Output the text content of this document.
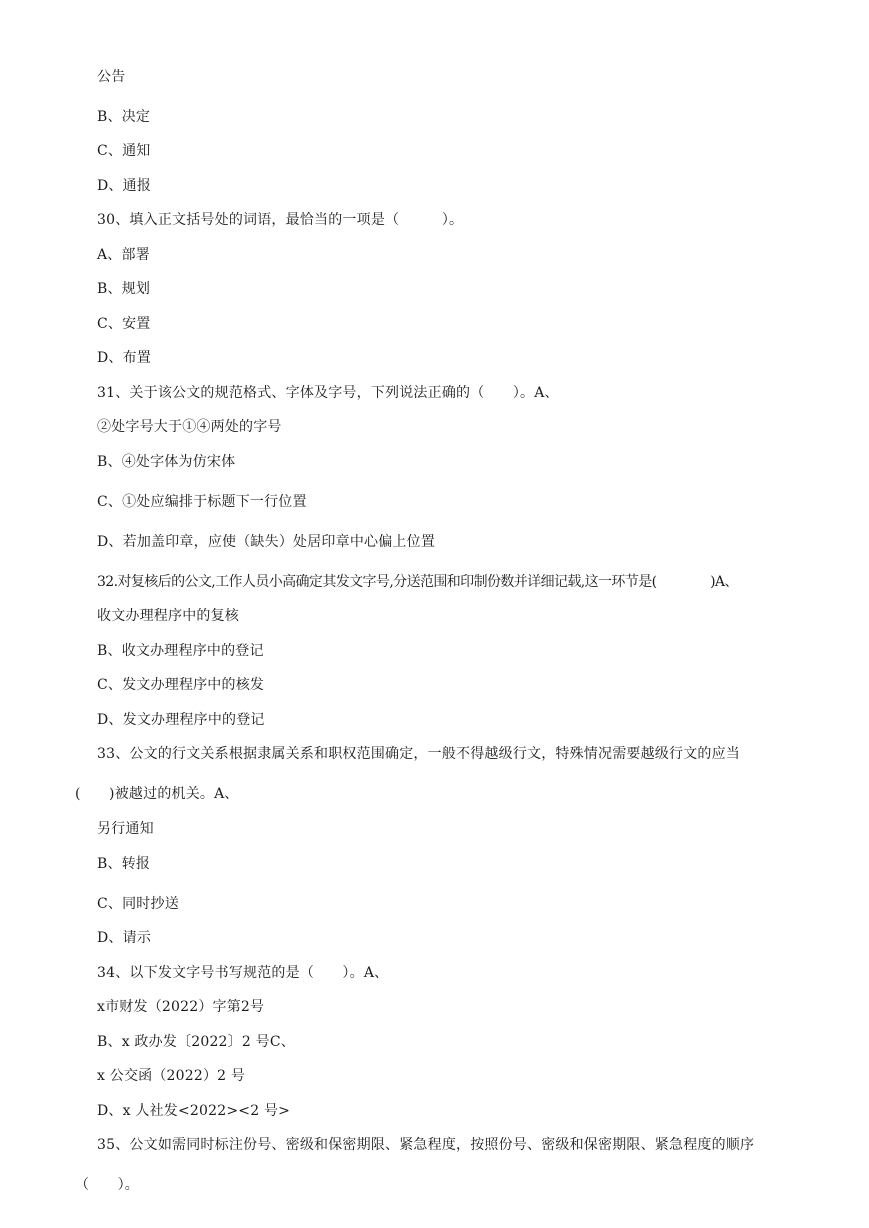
公告
B、决定
C、通知
D、通报
30、填入正文括号处的词语，最恰当的一项是（　　　）。
A、部署
B、规划
C、安置
D、布置
31、关于该公文的规范格式、字体及字号，下列说法正确的（　　）。A、
②处字号大于①④两处的字号
B、④处字体为仿宋体
C、①处应编排于标题下一行位置
D、若加盖印章，应使（缺失）处居印章中心偏上位置
32.对复核后的公文,工作人员小高确定其发文字号,分送范围和印制份数并详细记载,这一环节是(　　　　)A、
收文办理程序中的复核
B、收文办理程序中的登记
C、发文办理程序中的核发
D、发文办理程序中的登记
33、公文的行文关系根据隶属关系和职权范围确定，一般不得越级行文，特殊情况需要越级行文的应当
(　　)被越过的机关。A、
另行通知
B、转报
C、同时抄送
D、请示
34、以下发文字号书写规范的是（　　）。A、
x市财发（2022）字第2号
B、x 政办发〔2022〕2 号C、
x 公交函（2022）2 号
D、x 人社发<2022><2 号>
35、公文如需同时标注份号、密级和保密期限、紧急程度，按照份号、密级和保密期限、紧急程度的顺序
（　　）。
